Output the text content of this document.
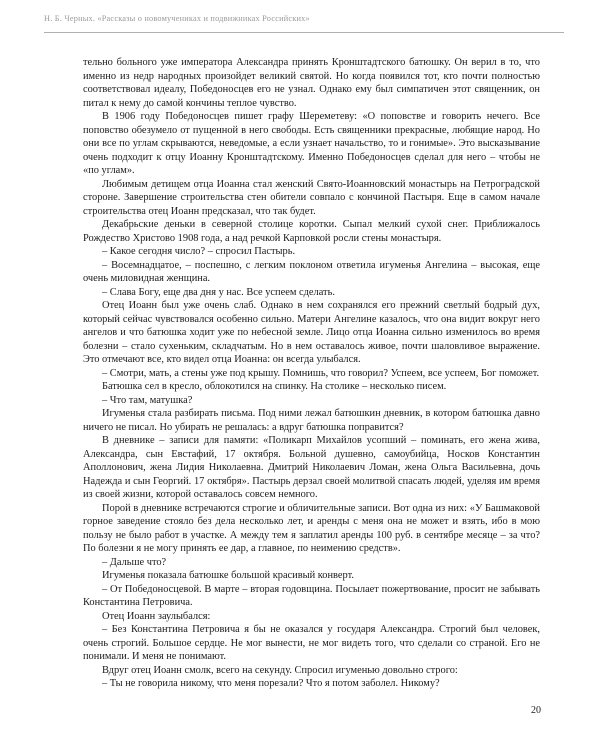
Н. Б. Черных. «Рассказы о новомучениках и подвижниках Российских»

тельно больного уже императора Александра принять Кронштадтского батюшку. Он верил в то, что именно из недр народных произойдет великий святой. Но когда появился тот, кто почти полностью соответствовал идеалу, Победоносцев его не узнал. Однако ему был симпатичен этот священник, он питал к нему до самой кончины теплое чувство.

В 1906 году Победоносцев пишет графу Шереметеву: «О поповстве и говорить нечего. Все поповство обезумело от пущенной в него свободы. Есть священники прекрасные, любящие народ. Но они все по углам скрываются, неведомые, а если узнает начальство, то и гонимые». Это высказывание очень подходит к отцу Иоанну Кронштадтскому. Именно Победоносцев сделал для него – чтобы не «по углам».

Любимым детищем отца Иоанна стал женский Свято-Иоанновский монастырь на Петроградской стороне. Завершение строительства стен обители совпало с кончиной Пастыря. Еще в самом начале строительства отец Иоанн предсказал, что так будет.

Декабрьские деньки в северной столице коротки. Сыпал мелкий сухой снег. Приближалось Рождество Христово 1908 года, а над речкой Карповкой росли стены монастыря.

– Какое сегодня число? – спросил Пастырь.

– Восемнадцатое, – поспешно, с легким поклоном ответила игуменья Ангелина – высокая, еще очень миловидная женщина.

– Слава Богу, еще два дня у нас. Все успеем сделать.

Отец Иоанн был уже очень слаб. Однако в нем сохранялся его прежний светлый бодрый дух, который сейчас чувствовался особенно сильно. Матери Ангелине казалось, что она видит вокруг него ангелов и что батюшка ходит уже по небесной земле. Лицо отца Иоанна сильно изменилось во время болезни – стало сухеньким, складчатым. Но в нем оставалось живое, почти шаловливое выражение. Это отмечают все, кто видел отца Иоанна: он всегда улыбался.

– Смотри, мать, а стены уже под крышу. Помнишь, что говорил? Успеем, все успеем, Бог поможет.

Батюшка сел в кресло, облокотился на спинку. На столике – несколько писем.

– Что там, матушка?

Игуменья стала разбирать письма. Под ними лежал батюшкин дневник, в котором батюшка давно ничего не писал. Но убирать не решалась: а вдруг батюшка поправится?

В дневнике – записи для памяти: «Поликарп Михайлов усопший – поминать, его жена жива, Александра, сын Евстафий, 17 октября. Больной душевно, самоубийца, Носков Константин Аполлонович, жена Лидия Николаевна. Дмитрий Николаевич Ломан, жена Ольга Васильевна, дочь Надежда и сын Георгий. 17 октября». Пастырь дерзал своей молитвой спасать людей, уделяя им время из своей жизни, которой оставалось совсем немного.

Порой в дневнике встречаются строгие и обличительные записи. Вот одна из них: «У Башмаковой горное заведение стояло без дела несколько лет, и аренды с меня она не может и взять, ибо в мою пользу не было работ в участке. А между тем я заплатил аренды 100 руб. в сентябре месяце – за что? По болезни я не могу принять ее дар, а главное, по неимению средств».

– Дальше что?

Игуменья показала батюшке большой красивый конверт.

– От Победоносцевой. В марте – вторая годовщина. Посылает пожертвование, просит не забывать Константина Петровича.

Отец Иоанн заулыбался:

– Без Константина Петровича я бы не оказался у государя Александра. Строгий был человек, очень строгий. Большое сердце. Не мог вынести, не мог видеть того, что сделали со страной. Его не понимали. И меня не понимают.

Вдруг отец Иоанн смолк, всего на секунду. Спросил игуменью довольно строго:

– Ты не говорила никому, что меня порезали? Что я потом заболел. Никому?

20
